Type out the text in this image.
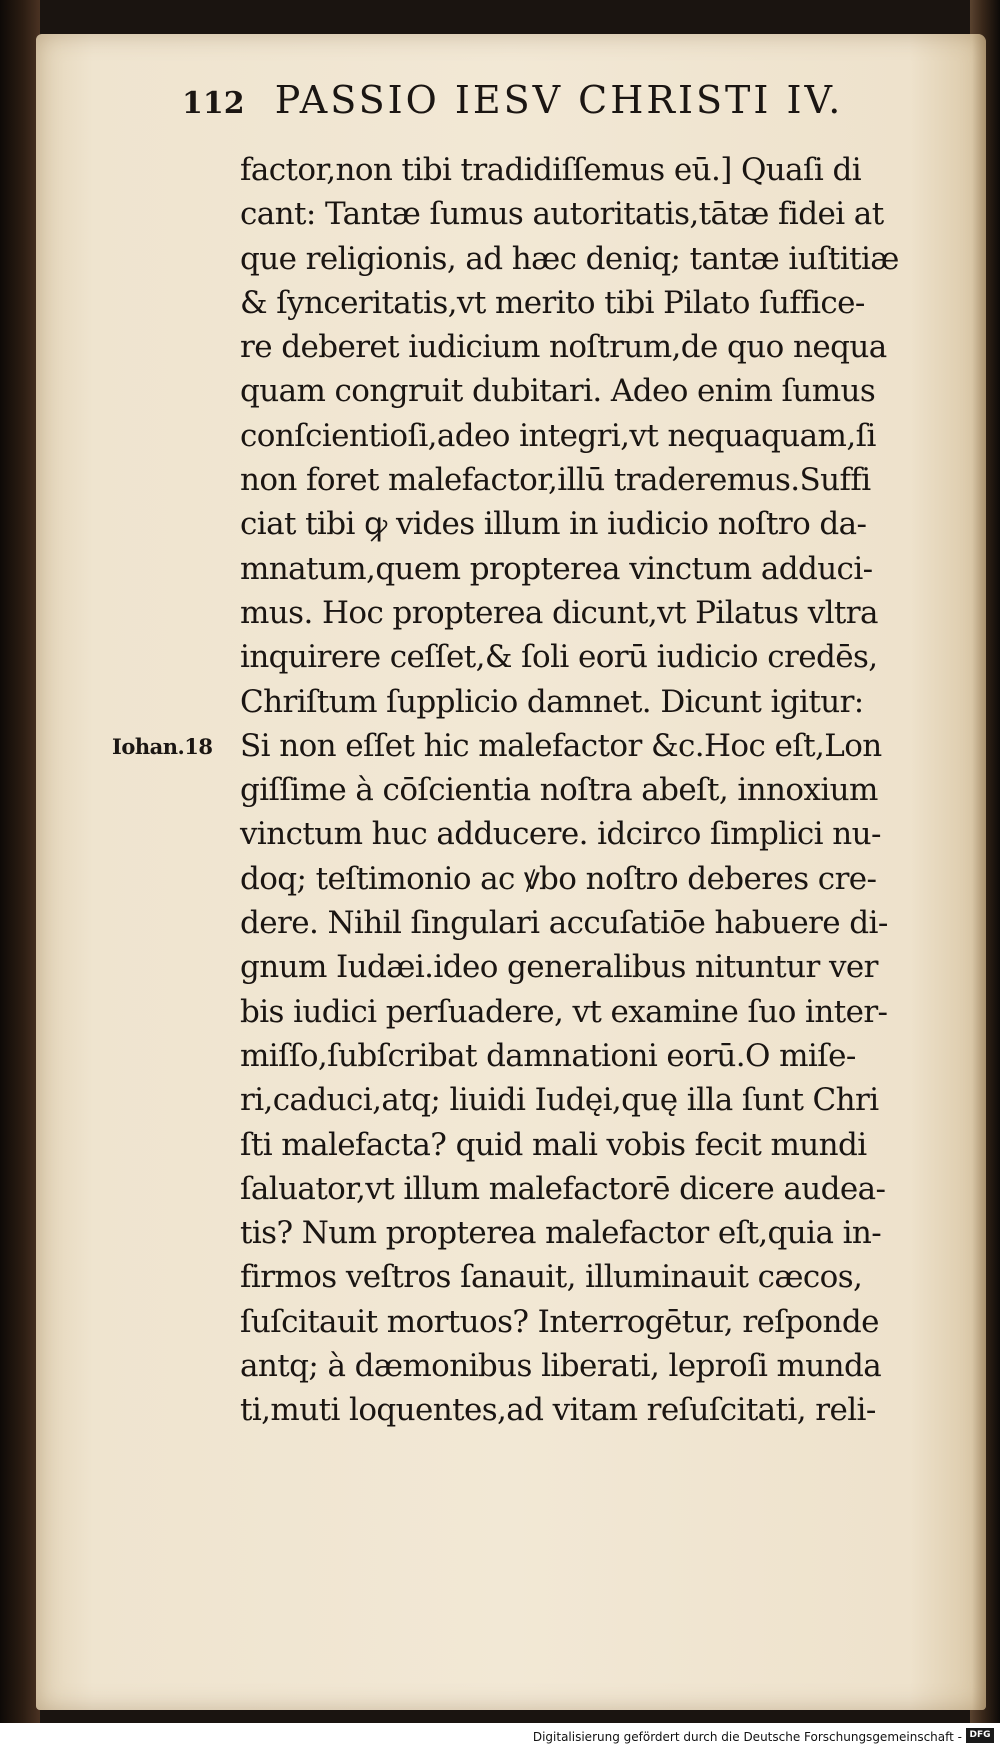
112 PASSIO IESV CHRISTI IV.
Iohan.18
factor,non tibi tradidiſſemus eū.] Quaſi di
cant: Tantæ ſumus autoritatis,tātæ fidei at
que religionis, ad hæc deniq; tantæ iuſtitiæ
& ſynceritatis,vt merito tibi Pilato ſuffice-
re deberet iudicium noſtrum,de quo nequa
quam congruit dubitari. Adeo enim ſumus
conſcientioſi,adeo integri,vt nequaquam,ſi
non foret malefactor,illū traderemus.Suffi
ciat tibi ꝙ vides illum in iudicio noſtro da-
mnatum,quem propterea vinctum adduci-
mus. Hoc propterea dicunt,vt Pilatus vltra
inquirere ceſſet,& ſoli eorū iudicio credēs,
Chriſtum ſupplicio damnet. Dicunt igitur:
Si non eſſet hic malefactor &c.Hoc eſt,Lon
giſſime à cōſcientia noſtra abeſt, innoxium
vinctum huc adducere. idcirco ſimplici nu-
doq; teſtimonio ac ꝟbo noſtro deberes cre-
dere. Nihil ſingulari accuſatiōe habuere di-
gnum Iudæi.ideo generalibus nituntur ver
bis iudici perſuadere, vt examine ſuo inter-
miſſo,ſubſcribat damnationi eorū.O miſe-
ri,caduci,atq; liuidi Iudęi,quę illa ſunt Chri
ſti malefacta? quid mali vobis fecit mundi
ſaluator,vt illum malefactorē dicere audea-
tis? Num propterea malefactor eſt,quia in-
firmos veſtros ſanauit, illuminauit cæcos,
ſuſcitauit mortuos? Interrogētur, reſponde
antq; à dæmonibus liberati, leproſi munda
ti,muti loquentes,ad vitam reſuſcitati, reli-
Digitalisierung gefördert durch die Deutsche Forschungsgemeinschaft - DFG
